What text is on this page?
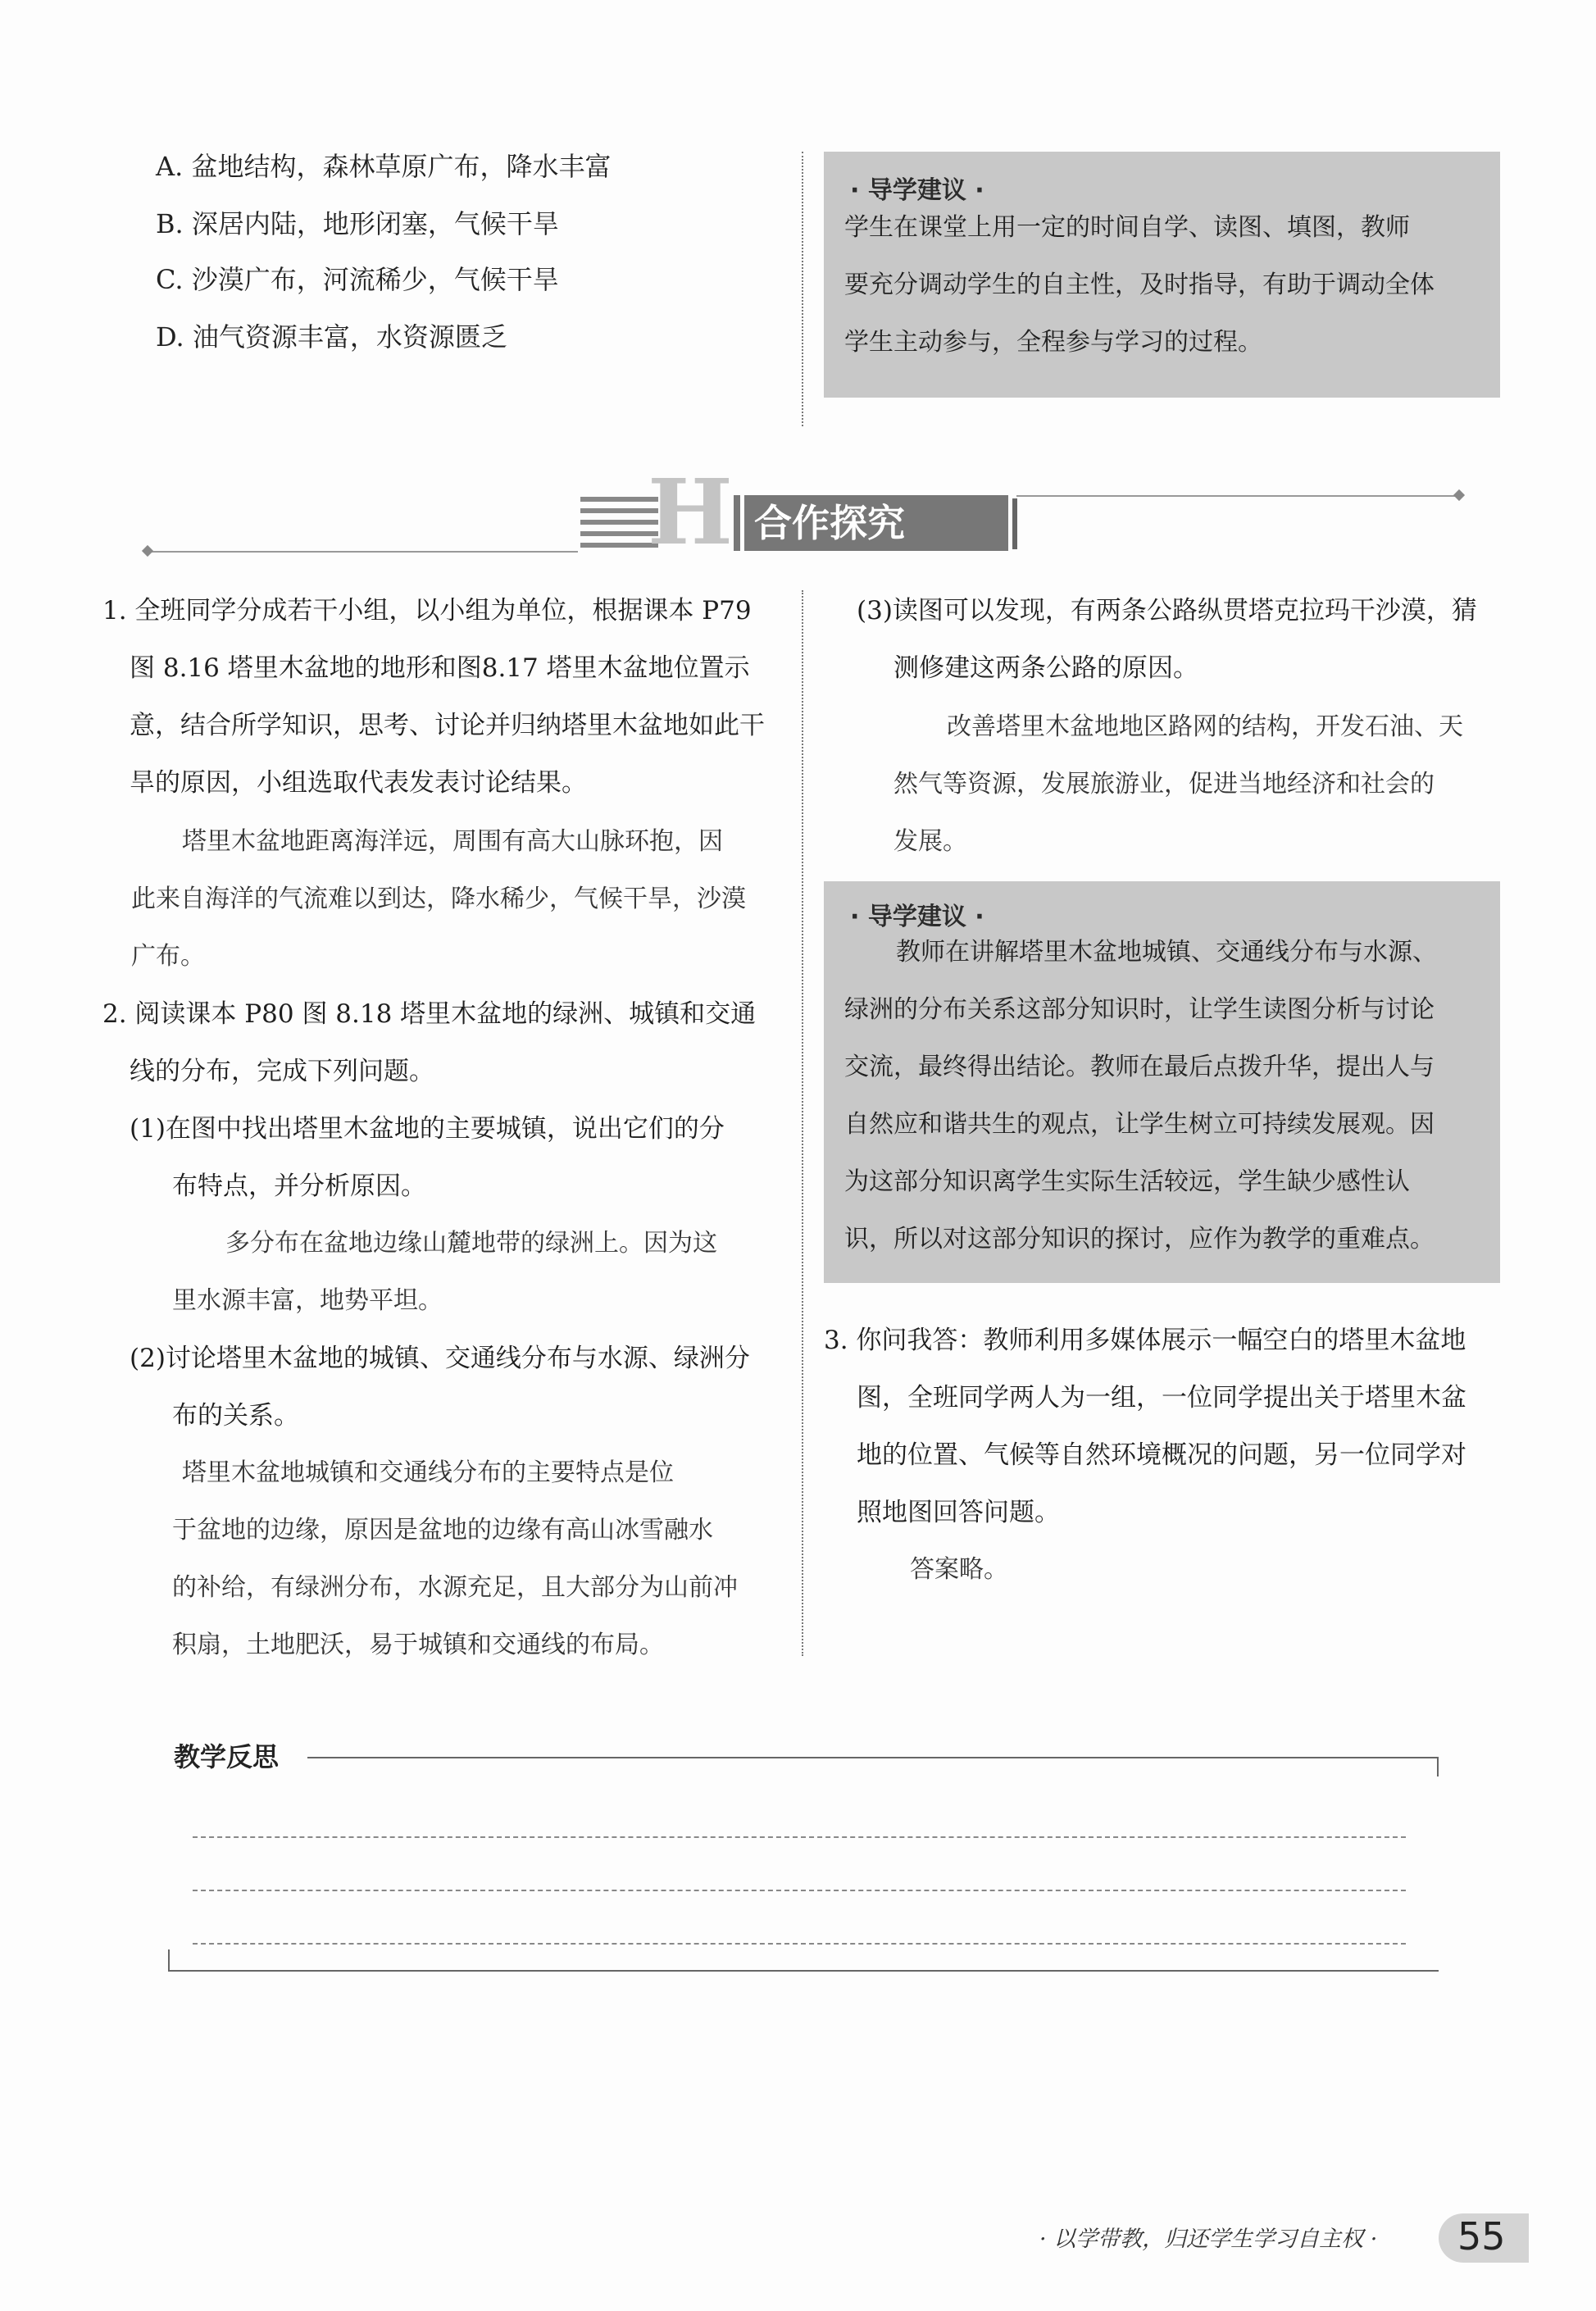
A. 盆地结构，森林草原广布，降水丰富
B. 深居内陆，地形闭塞，气候干旱
C. 沙漠广布，河流稀少，气候干旱
D. 油气资源丰富，水资源匮乏
· 导学建议 ·
学生在课堂上用一定的时间自学、读图、填图，教师
要充分调动学生的自主性，及时指导，有助于调动全体
学生主动参与，全程参与学习的过程。
H 合作探究
1. 全班同学分成若干小组，以小组为单位，根据课本 P79
图 8.16 塔里木盆地的地形和图8.17 塔里木盆地位置示
意，结合所学知识，思考、讨论并归纳塔里木盆地如此干
旱的原因，小组选取代表发表讨论结果。
塔里木盆地距离海洋远，周围有高大山脉环抱，因
此来自海洋的气流难以到达，降水稀少，气候干旱，沙漠
广布。
2. 阅读课本 P80 图 8.18 塔里木盆地的绿洲、城镇和交通
线的分布，完成下列问题。
(1)在图中找出塔里木盆地的主要城镇，说出它们的分
布特点，并分析原因。
多分布在盆地边缘山麓地带的绿洲上。因为这
里水源丰富，地势平坦。
(2)讨论塔里木盆地的城镇、交通线分布与水源、绿洲分
布的关系。
塔里木盆地城镇和交通线分布的主要特点是位
于盆地的边缘，原因是盆地的边缘有高山冰雪融水
的补给，有绿洲分布，水源充足，且大部分为山前冲
积扇，土地肥沃，易于城镇和交通线的布局。
(3)读图可以发现，有两条公路纵贯塔克拉玛干沙漠，猜
测修建这两条公路的原因。
改善塔里木盆地地区路网的结构，开发石油、天
然气等资源，发展旅游业，促进当地经济和社会的
发展。
· 导学建议 ·
教师在讲解塔里木盆地城镇、交通线分布与水源、
绿洲的分布关系这部分知识时，让学生读图分析与讨论
交流，最终得出结论。教师在最后点拨升华，提出人与
自然应和谐共生的观点，让学生树立可持续发展观。因
为这部分知识离学生实际生活较远，学生缺少感性认
识，所以对这部分知识的探讨，应作为教学的重难点。
3. 你问我答：教师利用多媒体展示一幅空白的塔里木盆地
图，全班同学两人为一组，一位同学提出关于塔里木盆
地的位置、气候等自然环境概况的问题，另一位同学对
照地图回答问题。
答案略。
教学反思
· 以学带教，归还学生学习自主权 · 55
